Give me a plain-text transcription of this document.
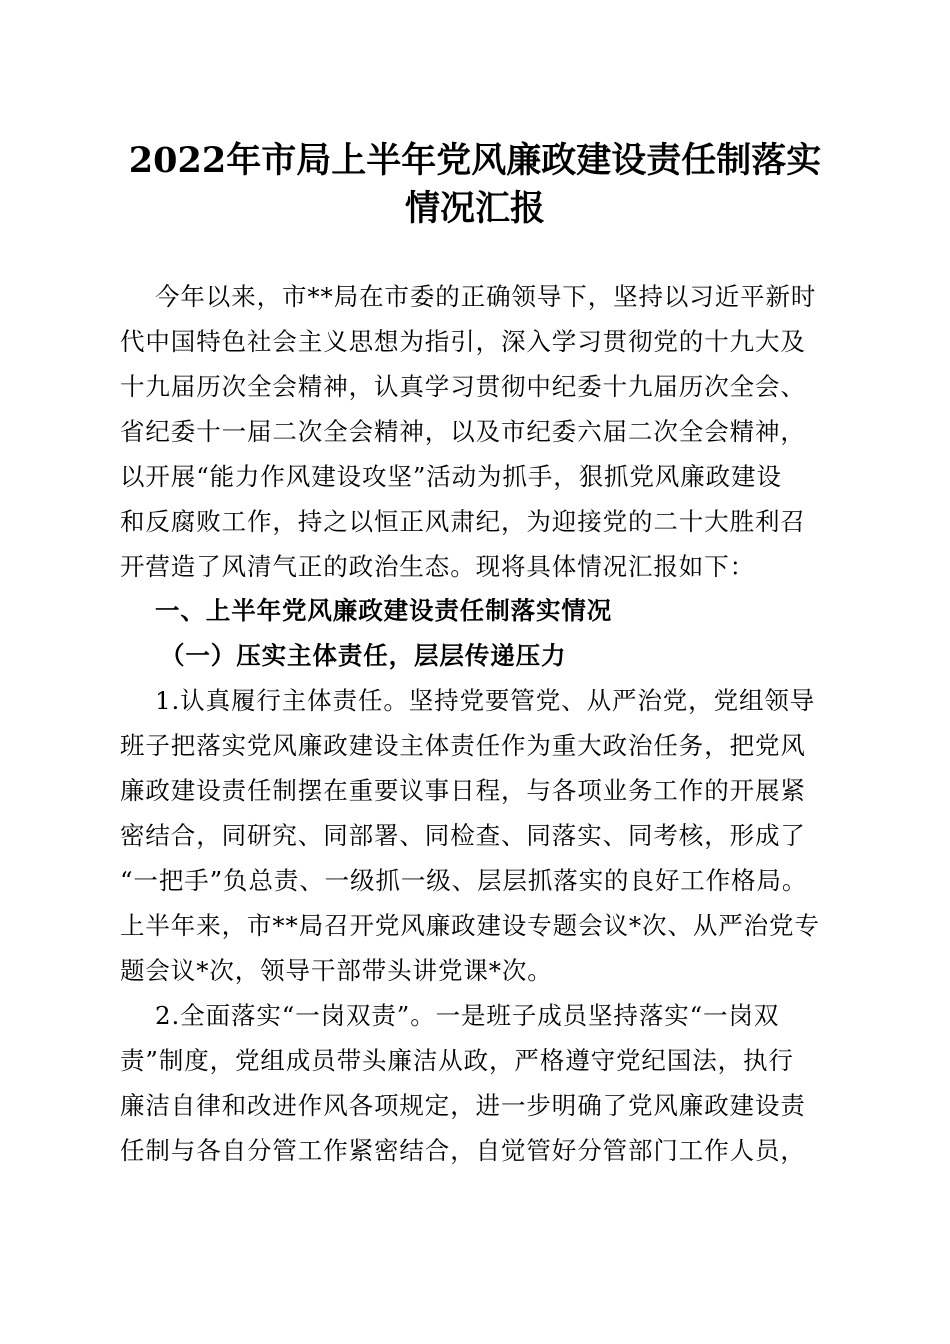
2022年市局上半年党风廉政建设责任制落实
情况汇报
今年以来，市**局在市委的正确领导下，坚持以习近平新时
代中国特色社会主义思想为指引，深入学习贯彻党的十九大及
十九届历次全会精神，认真学习贯彻中纪委十九届历次全会、
省纪委十一届二次全会精神，以及市纪委六届二次全会精神，
以开展“能力作风建设攻坚”活动为抓手，狠抓党风廉政建设
和反腐败工作，持之以恒正风肃纪，为迎接党的二十大胜利召
开营造了风清气正的政治生态。现将具体情况汇报如下：
一、上半年党风廉政建设责任制落实情况
（一）压实主体责任，层层传递压力
1.认真履行主体责任。坚持党要管党、从严治党，党组领导
班子把落实党风廉政建设主体责任作为重大政治任务，把党风
廉政建设责任制摆在重要议事日程，与各项业务工作的开展紧
密结合，同研究、同部署、同检查、同落实、同考核，形成了
“一把手”负总责、一级抓一级、层层抓落实的良好工作格局。
上半年来，市**局召开党风廉政建设专题会议*次、从严治党专
题会议*次，领导干部带头讲党课*次。
2.全面落实“一岗双责”。一是班子成员坚持落实“一岗双
责”制度，党组成员带头廉洁从政，严格遵守党纪国法，执行
廉洁自律和改进作风各项规定，进一步明确了党风廉政建设责
任制与各自分管工作紧密结合，自觉管好分管部门工作人员，
